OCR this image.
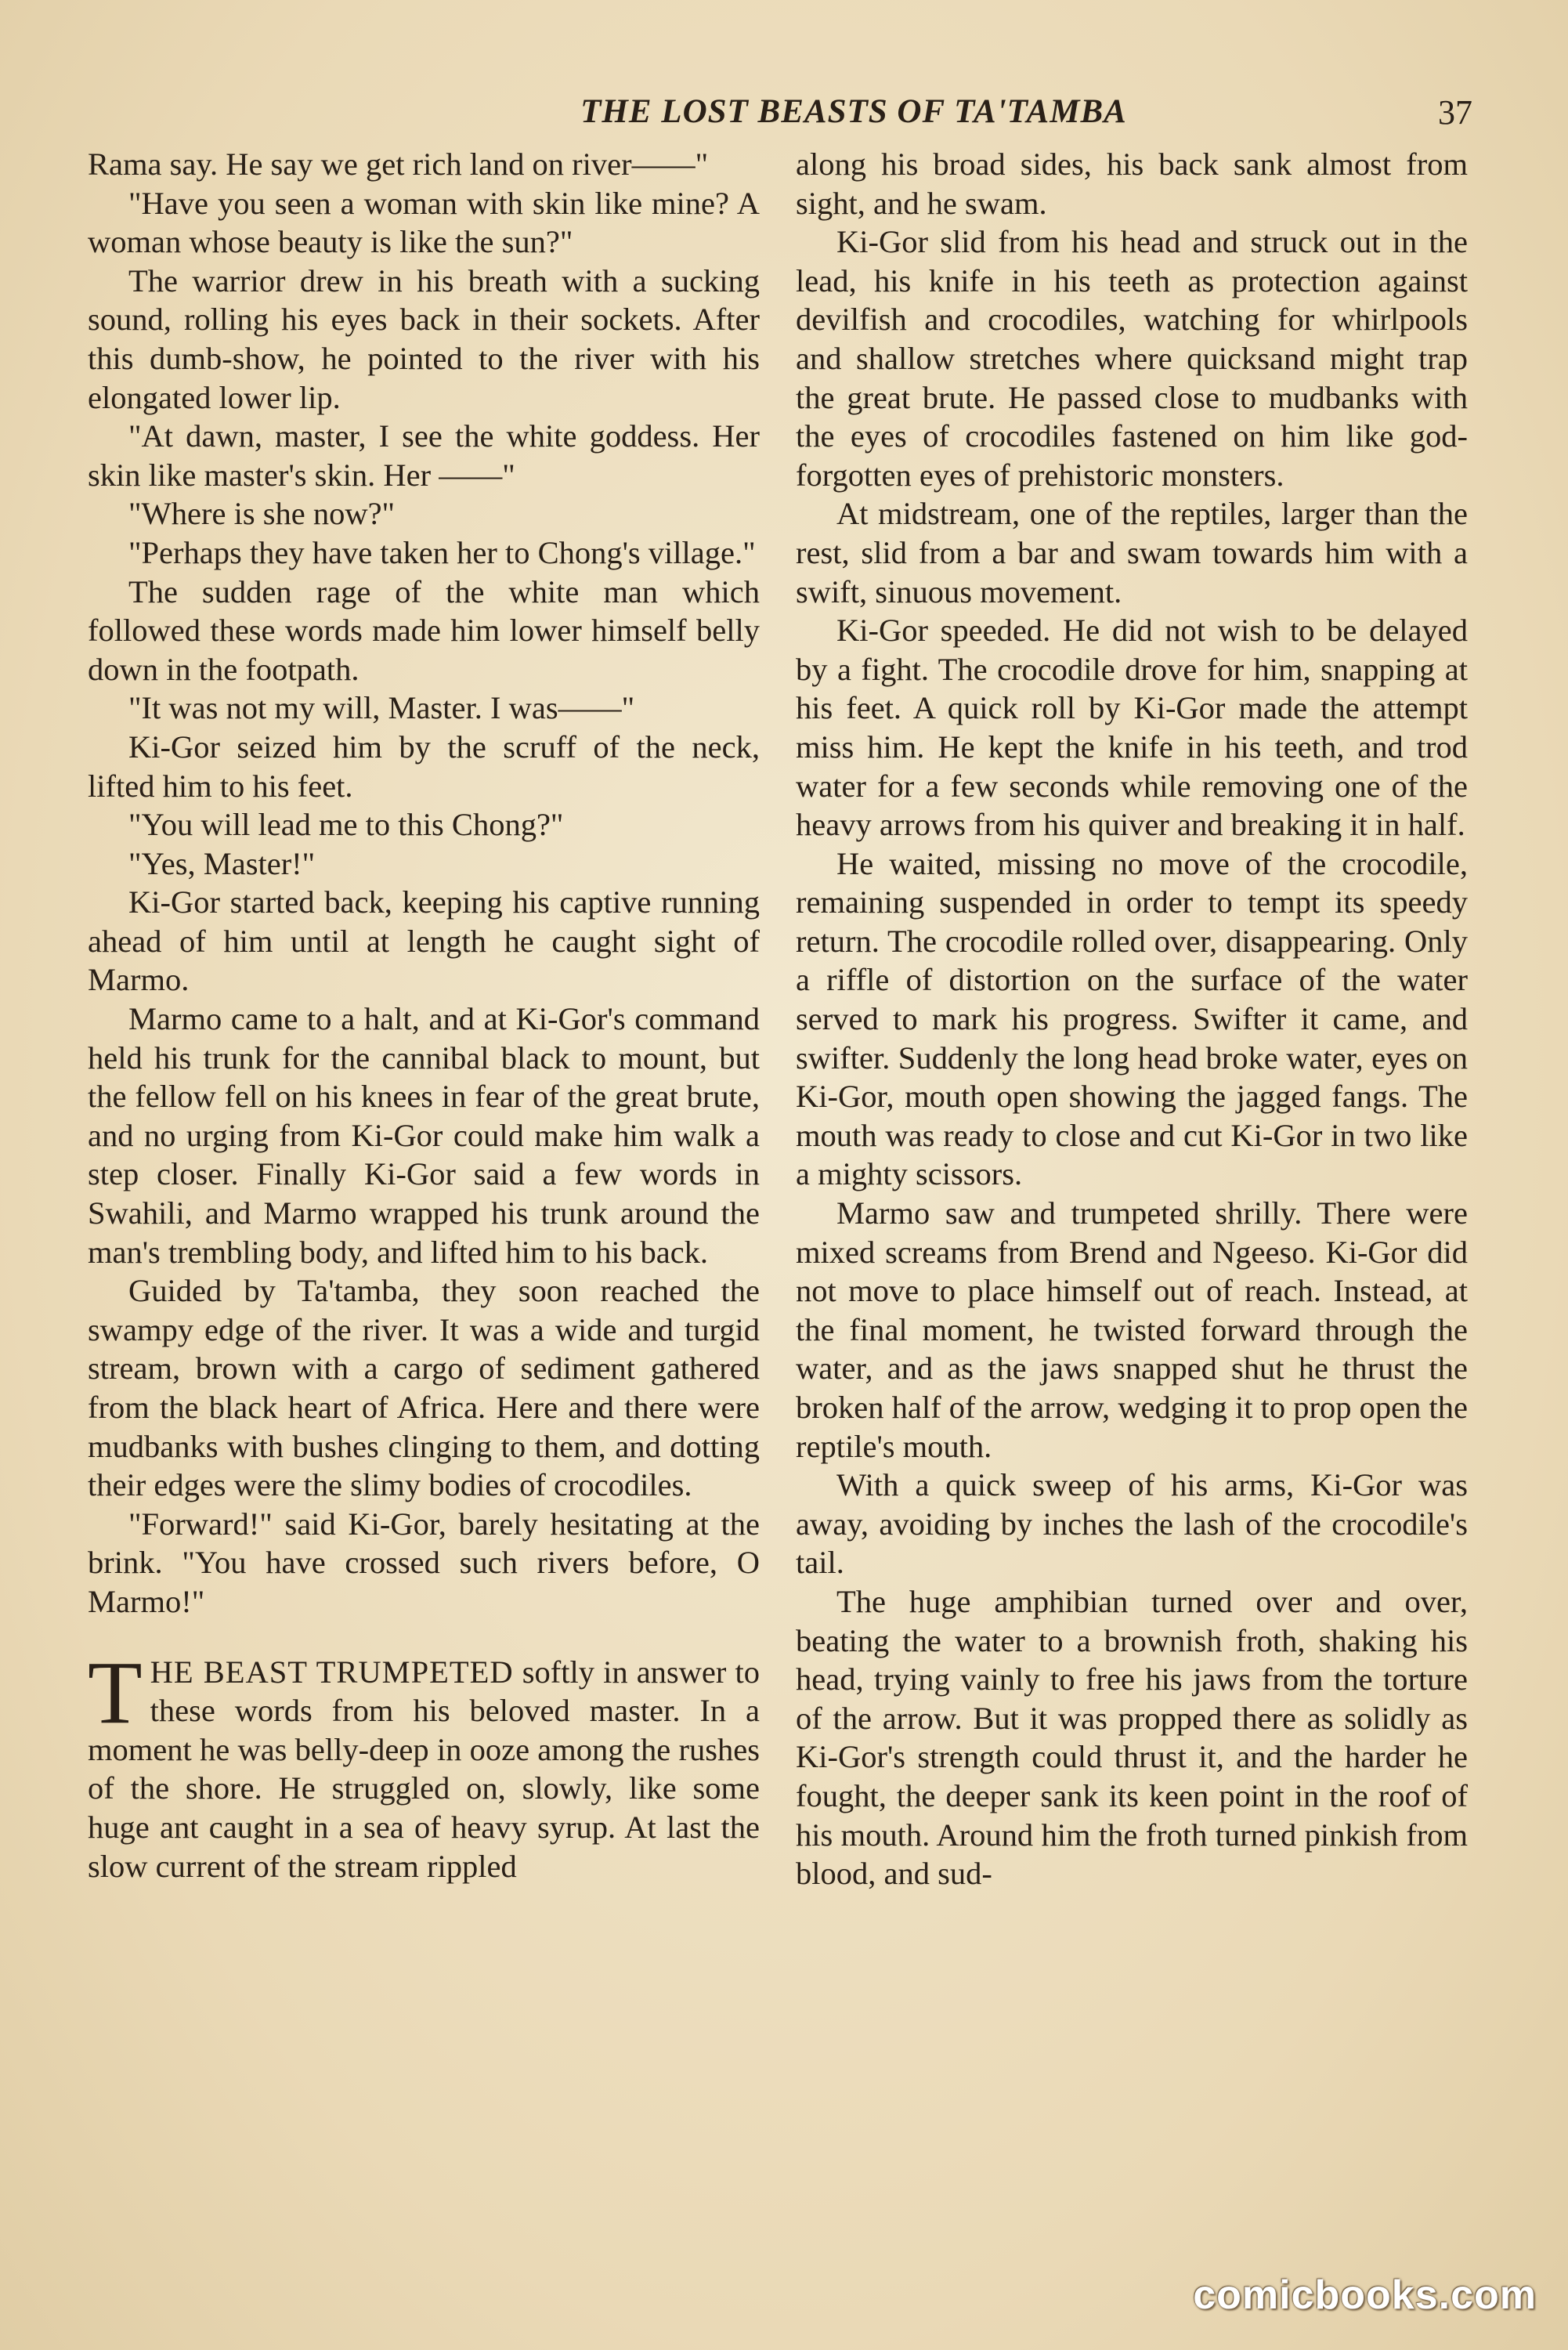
THE LOST BEASTS OF TA'TAMBA	37

Rama say. He say we get rich land on river——"

"Have you seen a woman with skin like mine? A woman whose beauty is like the sun?"

The warrior drew in his breath with a sucking sound, rolling his eyes back in their sockets. After this dumb-show, he pointed to the river with his elongated lower lip.

"At dawn, master, I see the white goddess. Her skin like master's skin. Her ——"

"Where is she now?"

"Perhaps they have taken her to Chong's village."

The sudden rage of the white man which followed these words made him lower himself belly down in the footpath.

"It was not my will, Master. I was——"

Ki-Gor seized him by the scruff of the neck, lifted him to his feet.

"You will lead me to this Chong?"

"Yes, Master!"

Ki-Gor started back, keeping his captive running ahead of him until at length he caught sight of Marmo.

Marmo came to a halt, and at Ki-Gor's command held his trunk for the cannibal black to mount, but the fellow fell on his knees in fear of the great brute, and no urging from Ki-Gor could make him walk a step closer. Finally Ki-Gor said a few words in Swahili, and Marmo wrapped his trunk around the man's trembling body, and lifted him to his back.

Guided by Ta'tamba, they soon reached the swampy edge of the river. It was a wide and turgid stream, brown with a cargo of sediment gathered from the black heart of Africa. Here and there were mudbanks with bushes clinging to them, and dotting their edges were the slimy bodies of crocodiles.

"Forward!" said Ki-Gor, barely hesitating at the brink. "You have crossed such rivers before, O Marmo!"

THE BEAST TRUMPETED softly in answer to these words from his beloved master. In a moment he was belly-deep in ooze among the rushes of the shore. He struggled on, slowly, like some huge ant caught in a sea of heavy syrup. At last the slow current of the stream rippled

along his broad sides, his back sank almost from sight, and he swam.

Ki-Gor slid from his head and struck out in the lead, his knife in his teeth as protection against devilfish and crocodiles, watching for whirlpools and shallow stretches where quicksand might trap the great brute. He passed close to mudbanks with the eyes of crocodiles fastened on him like god-forgotten eyes of prehistoric monsters.

At midstream, one of the reptiles, larger than the rest, slid from a bar and swam towards him with a swift, sinuous movement.

Ki-Gor speeded. He did not wish to be delayed by a fight. The crocodile drove for him, snapping at his feet. A quick roll by Ki-Gor made the attempt miss him. He kept the knife in his teeth, and trod water for a few seconds while removing one of the heavy arrows from his quiver and breaking it in half.

He waited, missing no move of the crocodile, remaining suspended in order to tempt its speedy return. The crocodile rolled over, disappearing. Only a riffle of distortion on the surface of the water served to mark his progress. Swifter it came, and swifter. Suddenly the long head broke water, eyes on Ki-Gor, mouth open showing the jagged fangs. The mouth was ready to close and cut Ki-Gor in two like a mighty scissors.

Marmo saw and trumpeted shrilly. There were mixed screams from Brend and Ngeeso. Ki-Gor did not move to place himself out of reach. Instead, at the final moment, he twisted forward through the water, and as the jaws snapped shut he thrust the broken half of the arrow, wedging it to prop open the reptile's mouth.

With a quick sweep of his arms, Ki-Gor was away, avoiding by inches the lash of the crocodile's tail.

The huge amphibian turned over and over, beating the water to a brownish froth, shaking his head, trying vainly to free his jaws from the torture of the arrow. But it was propped there as solidly as Ki-Gor's strength could thrust it, and the harder he fought, the deeper sank its keen point in the roof of his mouth. Around him the froth turned pinkish from blood, and sud-

comicbooks.com
